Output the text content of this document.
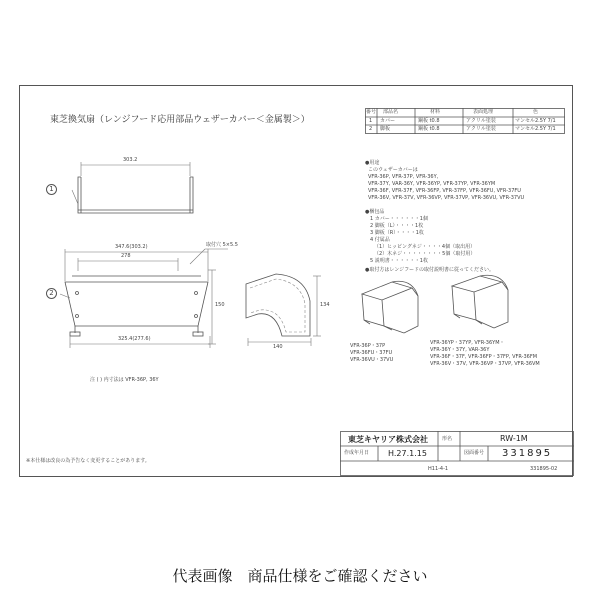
東芝換気扇（レンジフード応用部品ウェザーカバー＜金属製＞）
番号 部品名	材料	表面処理	色
1 カバー	鋼板 t0.8	アクリル塗装	マンセル2.5Y 7/1
2 脚板	鋼板 t0.8	アクリル塗装	マンセル2.5Y 7/1
1
2
303.2
347.6(303.2)
278
325.4(277.6)
150	134
140
取付穴 5×5.5
●用途
このウェザーカバーは
VFR-36P, VFR-37P, VFR-36Y,
VFR-37Y, VAR-36Y, VFR-36YP, VFR-37YP, VFR-36YM
VFR-36F, VFR-37F, VFR-36FP, VFR-37FP, VFR-36FU, VFR-37FU
VFR-36V, VFR-37V, VFR-36VP, VFR-37VP, VFR-36VU, VFR-37VU
●梱包品
1 カバー・・・・・・1個
2 脚板（L）・・・・1枚
3 脚板（R）・・・・1枚
4 付属品
（1）ヒッピングネジ・・・・4個（取出用）
（2）木ネジ・・・・・・・・5個（取付用）
5 説明書・・・・・・1枚
●取付方はレンジフードの取付説明書に従ってください。
VFR-36P・37P
VFR-36FU・37FU
VFR-36VU・37VU
VFR-36YP・37YP, VFR-36YM・
VFR-36Y・37Y, VAR-36Y
VFR-36F・37F, VFR-36FP・37FP, VFR-36FM
VFR-36V・37V, VFR-36VP・37VP, VFR-36VM
注 ( ) 内寸法は VFR-36P, 36Y
※本仕様は改良の為予告なく変更することがあります。
東芝キヤリア株式会社	形名	RW-1M
作成年月日 H.27.1.15	図面番号 331895
H11-4-1	331895-02
代表画像　商品仕様をご確認ください
